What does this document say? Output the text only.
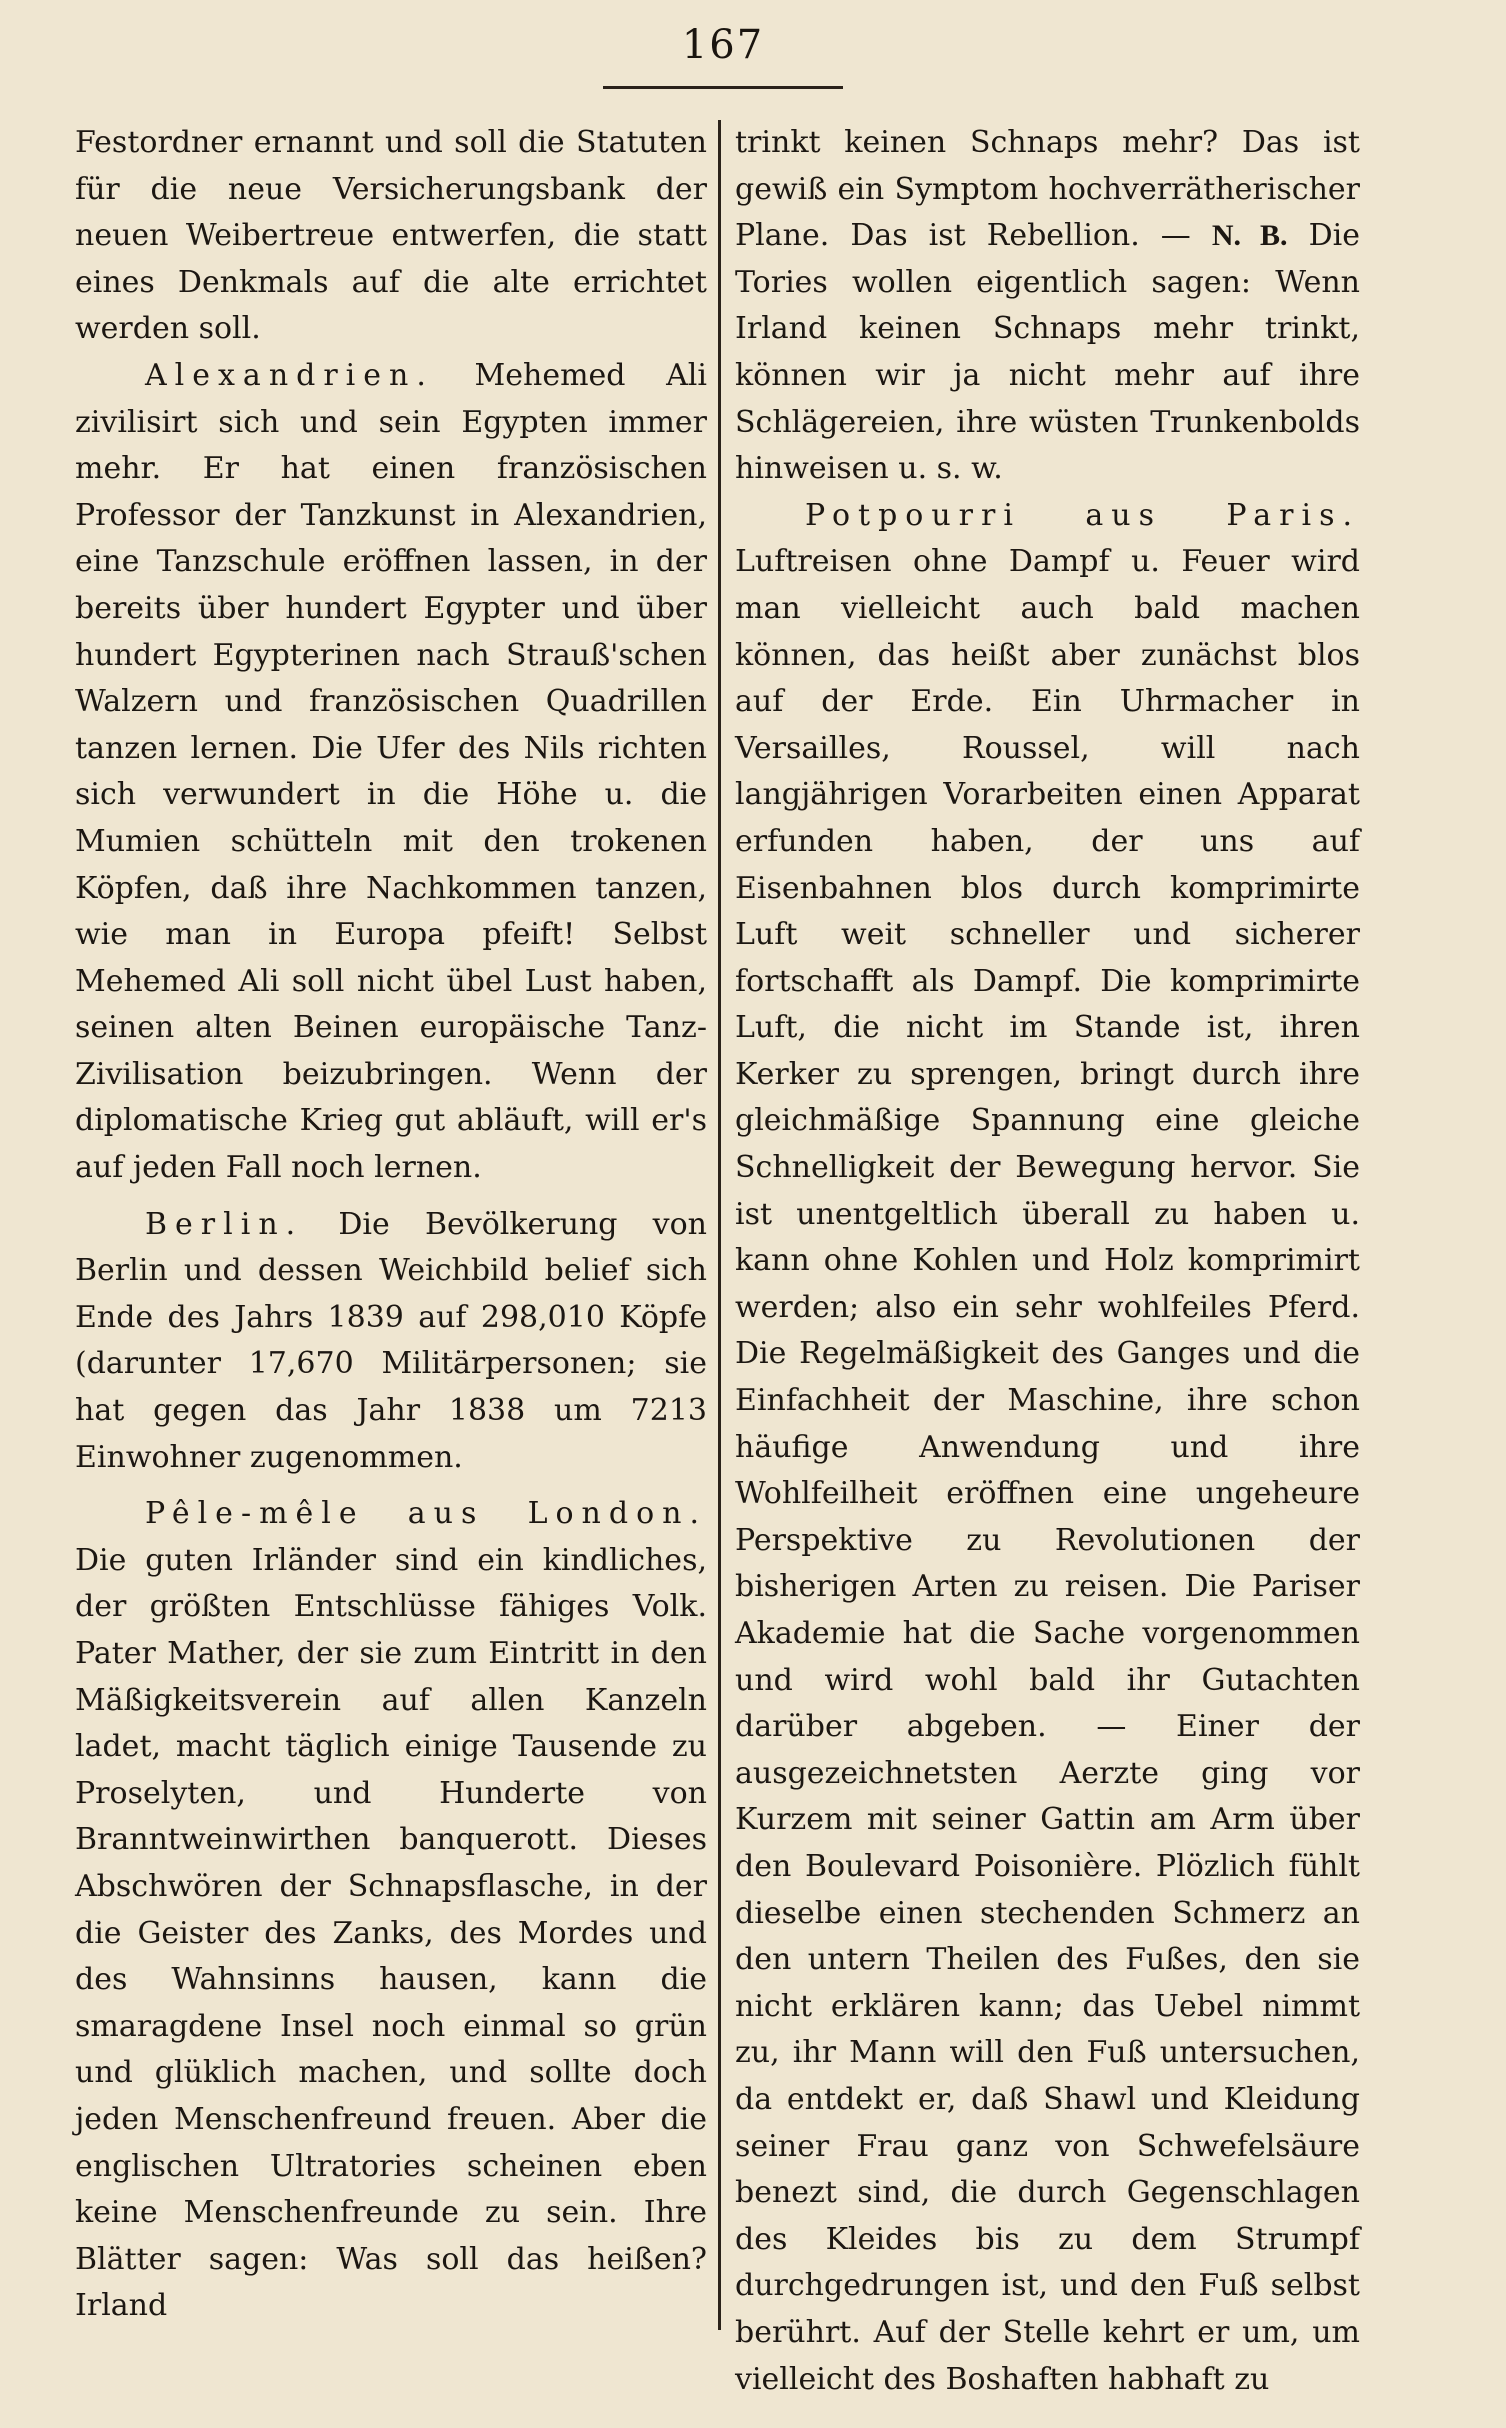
167

Festordner ernannt und soll die Statuten für die neue Versicherungsbank der neuen Weibertreue entwerfen, die statt eines Denkmals auf die alte errichtet werden soll.

Alexandrien. Mehemed Ali zivilisirt sich und sein Egypten immer mehr. Er hat einen französischen Professor der Tanzkunst in Alexandrien, eine Tanzschule eröffnen lassen, in der bereits über hundert Egypter und über hundert Egypterinen nach Strauß'schen Walzern und französischen Quadrillen tanzen lernen. Die Ufer des Nils richten sich verwundert in die Höhe u. die Mumien schütteln mit den trokenen Köpfen, daß ihre Nachkommen tanzen, wie man in Europa pfeift! Selbst Mehemed Ali soll nicht übel Lust haben, seinen alten Beinen europäische Tanz-Zivilisation beizubringen. Wenn der diplomatische Krieg gut abläuft, will er's auf jeden Fall noch lernen.

Berlin. Die Bevölkerung von Berlin und dessen Weichbild belief sich Ende des Jahrs 1839 auf 298,010 Köpfe (darunter 17,670 Militärpersonen; sie hat gegen das Jahr 1838 um 7213 Einwohner zugenommen.

Pêle-mêle aus London. Die guten Irländer sind ein kindliches, der größten Entschlüsse fähiges Volk. Pater Mather, der sie zum Eintritt in den Mäßigkeitsverein auf allen Kanzeln ladet, macht täglich einige Tausende zu Proselyten, und Hunderte von Branntweinwirthen banquerott. Dieses Abschwören der Schnapsflasche, in der die Geister des Zanks, des Mordes und des Wahnsinns hausen, kann die smaragdene Insel noch einmal so grün und glüklich machen, und sollte doch jeden Menschenfreund freuen. Aber die englischen Ultratories scheinen eben keine Menschenfreunde zu sein. Ihre Blätter sagen: Was soll das heißen? Irland

trinkt keinen Schnaps mehr? Das ist gewiß ein Symptom hochverrätherischer Plane. Das ist Rebellion. — N. B. Die Tories wollen eigentlich sagen: Wenn Irland keinen Schnaps mehr trinkt, können wir ja nicht mehr auf ihre Schlägereien, ihre wüsten Trunkenbolds hinweisen u. s. w.

Potpourri aus Paris. Luftreisen ohne Dampf u. Feuer wird man vielleicht auch bald machen können, das heißt aber zunächst blos auf der Erde. Ein Uhrmacher in Versailles, Roussel, will nach langjährigen Vorarbeiten einen Apparat erfunden haben, der uns auf Eisenbahnen blos durch komprimirte Luft weit schneller und sicherer fortschafft als Dampf. Die komprimirte Luft, die nicht im Stande ist, ihren Kerker zu sprengen, bringt durch ihre gleichmäßige Spannung eine gleiche Schnelligkeit der Bewegung hervor. Sie ist unentgeltlich überall zu haben u. kann ohne Kohlen und Holz komprimirt werden; also ein sehr wohlfeiles Pferd. Die Regelmäßigkeit des Ganges und die Einfachheit der Maschine, ihre schon häufige Anwendung und ihre Wohlfeilheit eröffnen eine ungeheure Perspektive zu Revolutionen der bisherigen Arten zu reisen. Die Pariser Akademie hat die Sache vorgenommen und wird wohl bald ihr Gutachten darüber abgeben. — Einer der ausgezeichnetsten Aerzte ging vor Kurzem mit seiner Gattin am Arm über den Boulevard Poisonière. Plözlich fühlt dieselbe einen stechenden Schmerz an den untern Theilen des Fußes, den sie nicht erklären kann; das Uebel nimmt zu, ihr Mann will den Fuß untersuchen, da entdekt er, daß Shawl und Kleidung seiner Frau ganz von Schwefelsäure benezt sind, die durch Gegenschlagen des Kleides bis zu dem Strumpf durchgedrungen ist, und den Fuß selbst berührt. Auf der Stelle kehrt er um, um vielleicht des Boshaften habhaft zu
